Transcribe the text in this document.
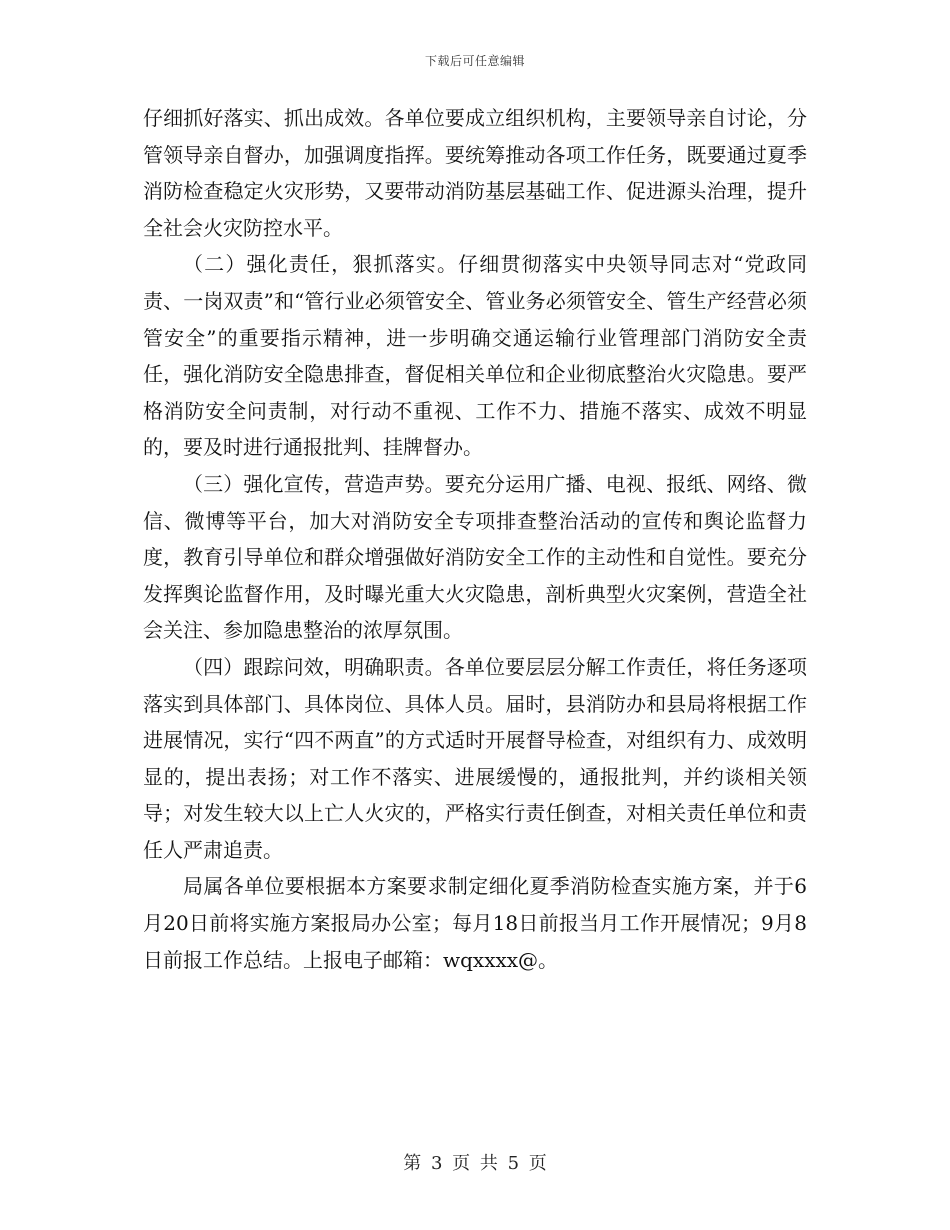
下载后可任意编辑

仔细抓好落实、抓出成效。各单位要成立组织机构，主要领导亲自讨论，分管领导亲自督办，加强调度指挥。要统筹推动各项工作任务，既要通过夏季消防检查稳定火灾形势，又要带动消防基层基础工作、促进源头治理，提升全社会火灾防控水平。

（二）强化责任，狠抓落实。仔细贯彻落实中央领导同志对“党政同责、一岗双责”和“管行业必须管安全、管业务必须管安全、管生产经营必须管安全”的重要指示精神，进一步明确交通运输行业管理部门消防安全责任，强化消防安全隐患排查，督促相关单位和企业彻底整治火灾隐患。要严格消防安全问责制，对行动不重视、工作不力、措施不落实、成效不明显的，要及时进行通报批判、挂牌督办。

（三）强化宣传，营造声势。要充分运用广播、电视、报纸、网络、微信、微博等平台，加大对消防安全专项排查整治活动的宣传和舆论监督力度，教育引导单位和群众增强做好消防安全工作的主动性和自觉性。要充分发挥舆论监督作用，及时曝光重大火灾隐患，剖析典型火灾案例，营造全社会关注、参加隐患整治的浓厚氛围。

（四）跟踪问效，明确职责。各单位要层层分解工作责任，将任务逐项落实到具体部门、具体岗位、具体人员。届时，县消防办和县局将根据工作进展情况，实行“四不两直”的方式适时开展督导检查，对组织有力、成效明显的，提出表扬；对工作不落实、进展缓慢的，通报批判，并约谈相关领导；对发生较大以上亡人火灾的，严格实行责任倒查，对相关责任单位和责任人严肃追责。

局属各单位要根据本方案要求制定细化夏季消防检查实施方案，并于6月20日前将实施方案报局办公室；每月18日前报当月工作开展情况；9月8日前报工作总结。上报电子邮箱：wqxxxx@。

第 3 页 共 5 页
